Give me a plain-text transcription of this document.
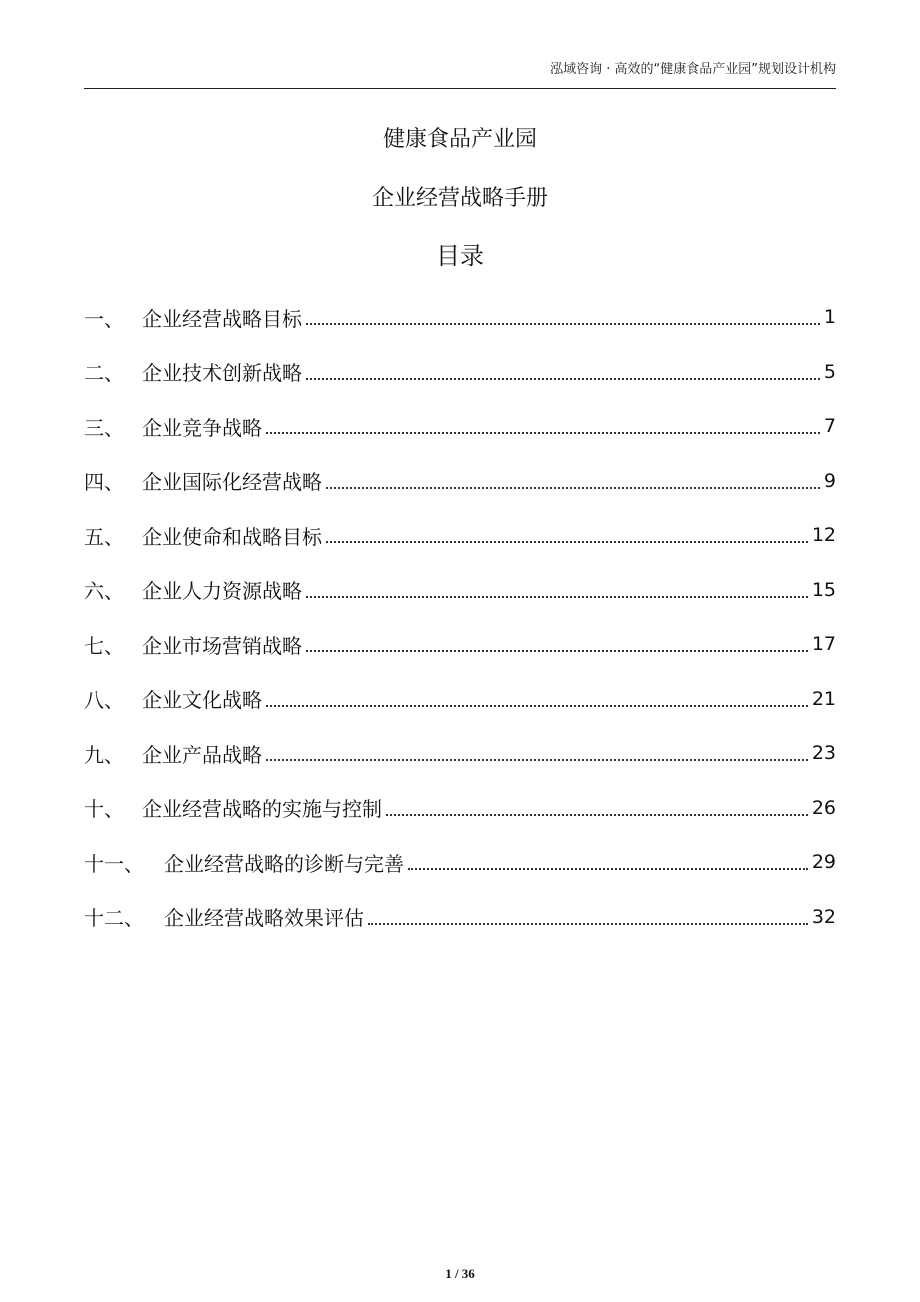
泓域咨询 · 高效的“健康食品产业园”规划设计机构
健康食品产业园
企业经营战略手册
目录
一、 企业经营战略目标	1
二、 企业技术创新战略	5
三、 企业竞争战略	7
四、 企业国际化经营战略	9
五、 企业使命和战略目标	12
六、 企业人力资源战略	15
七、 企业市场营销战略	17
八、 企业文化战略	21
九、 企业产品战略	23
十、 企业经营战略的实施与控制	26
十一、	企业经营战略的诊断与完善	29
十二、	企业经营战略效果评估	32
1 / 36
